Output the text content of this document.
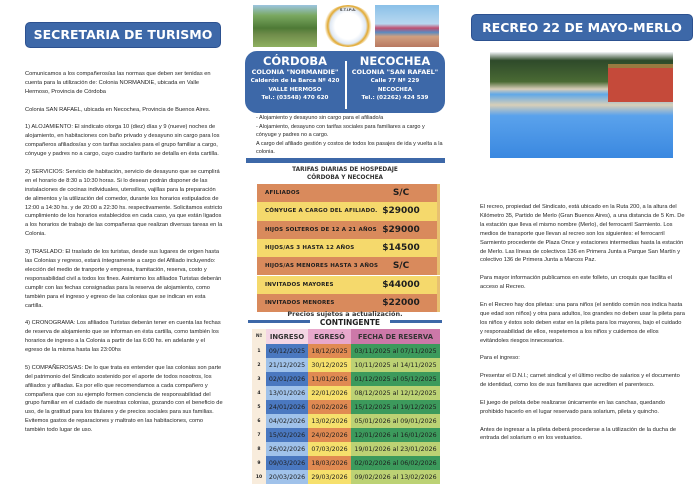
SECRETARIA DE TURISMO

Comunicamos a los compañeros/as las normas que deben ser tenidas en cuenta para la utilización de: Colonia NORMANDIE, ubicada en Valle Hermoso, Provincia de Córdoba

Colonia SAN RAFAEL, ubicada en Necochea, Provincia de Buenos Aires.

1) ALOJAMIENTO: El sindicato otorga 10 (diez) días y 9 (nueve) noches de alojamiento, en habitaciones con baño privado y desayuno sin cargo para los compañeros afiliados/as y con tarifas sociales para el grupo familiar a cargo, cónyuge y padres no a cargo, cuyo cuadro tarifario se detalla en ésta cartilla.

2) SERVICIOS: Servicio de habitación, servicio de desayuno que se cumplirá en el horario de 8:30 a 10:30 horas. Si lo desean podrán disponer de las instalaciones de cocinas individuales, utensilios, vajillas para la preparación de alimentos y la utilización del comedor, durante los horarios estipulados de 12:00 a 14:30 hs. y de 20:00 a 22:30 hs. respectivamente. Solicitamos estricto cumplimiento de los horarios establecidos en cada caso, ya que están ligados a los horarios de trabajo de las compañeras que realizan diversas tareas en la Colonia.

3) TRASLADO: El traslado de los turistas, desde sus lugares de origen hasta las Colonias y regreso, estará íntegramente a cargo del Afiliado incluyendo: elección del medio de tranporte y empresa, tramitación, reserva, costo y responsabilidad civil a todos los fines. Asimismo los afiliados Turistas deberán cumplir con las fechas consignadas para la reserva de alojamiento, como también para el ingreso y egreso de las colonias que se indican en esta cartilla.

4) CRONOGRAMA: Los afiliados Turistas deberán tener en cuenta las fechas de reserva de alojamiento que se informan en ésta cartilla, como también los horarios de ingreso a la Colonia a partir de las 6:00 hs. en adelante y el egreso de la misma hasta las 23:00hs

5) COMPAÑEROS/AS: De lo que trata es entender que las colonias son parte del patrimonio del Sindicato sostenido por el aporte de todos nosotros, los afiliados y afiliadas. Es por ello que recomendamos a cada compañero y compañera que con su ejemplo formen conciencia de responsabilidad del grupo familiar en el cuidado de nuestras colonias, gozando con el beneficio de uso, de la gratitud para los titulares y de precios sociales para sus familias. Evitemos gastos de reparaciones y maltrato en las habitaciones, como también todo lugar de uso.

S.T.I.P.A.
CÓRDOBA
COLONIA "NORMANDIE"
Calderón de la Barca Nº 420
VALLE HERMOSO
Tel.: (03548) 470 620
NECOCHEA
COLONIA "SAN RAFAEL"
Calle 77 Nº 229
NECOCHEA
Tel.: (02262) 424 539
- Alojamiento y desayuno sin cargo para el afiliado/a
- Alojamiento, desayuno con tarifas sociales para familiares a cargo y cónyuge y padres no a cargo.
A cargo del afiliado gestión y costos de todos los pasajes de ida y vuelta a la colonia.
TARIFAS DIARIAS DE HOSPEDAJE
CÓRDOBA Y NECOCHEA
AFILIADOS	S/C
CÓNYUGE A CARGO DEL AFILIADO. $29000
HIJOS SOLTEROS DE 12 A 21 AÑOS $29000
HIJOS/AS 3 HASTA 12 AÑOS	$14500
HIJOS/AS MENORES HASTA 3 AÑOS	S/C
INVITADOS MAYORES	$44000
INVITADOS MENORES	$22000
Precios sujetos a actualización.
CONTINGENTE
Nº	INGRESO	EGRESÓ	FECHA DE RESERVA
1	09/12/2025	18/12/2025	03/11/2025 al 07/11/2025
2	21/12/2025	30/12/2025	10/11/2025 al 14/11/2025
3	02/01/2026	11/01/2026	01/12/2025 al 05/12/2025
4	13/01/2026	22/01/2026	08/12/2025 al 12/12/2025
5	24/01/2026	02/02/2026	15/12/2025 al 19/12/2025
6	04/02/2026	13/02/2026	05/01/2026 al 09/01/2026
7	15/02/2026	24/02/2026	12/01/2026 al 16/01/2026
8	26/02/2026	07/03/2026	19/01/2026 al 23/01/2026
9	09/03/2026	18/03/2026	02/02/2026 al 06/02/2026
10	20/03/2026	29/03/2026	09/02/2026 al 13/02/2026
RECREO 22 DE MAYO-MERLO

El recreo, propiedad del Sindicato, está ubicado en la Ruta 200, a la altura del Kilómetro 35, Partido de Merlo (Gran Buenos Aires), a una distancia de 5 Km. De la estación que lleva el mismo nombre (Merlo), del ferrocarril Sarmiento. Los medios de transporte que llevan al recreo son los siguientes: el ferrocarril Sarmiento procedente de Plaza Once y estaciones intermedias hasta la estación de Merlo. Las líneas de colectivos 136 en Primera Junta a Parque San Martín y colectivo 136 de Primera Junta a Marcos Paz.

Para mayor información publicamos en este folleto, un croquis que facilita el acceso al Recreo.

En el Recreo hay dos piletas: una para niños (el sentido común nos indica hasta que edad son niños) y otra para adultos, los grandes no deben usar la pileta para los niños y éstos solo deben estar en la pileta para los mayores, bajo el cuidado y responsabilidad de ellos, respetemos a los niños y cuidemos de ellos evitándoles riesgos innecesarios.

Para el ingreso:

Presentar el D.N.I.; carnet sindical y el último recibo de salarios y el documento de identidad, como los de sus familiares que acrediten el parentesco.

El juego de pelota debe realizarse únicamente en las canchas, quedando prohibido hacerlo en el lugar reservado para solarium, pileta y quincho.

Antes de ingresar a la pileta deberá procederse a la utilización de la ducha de entrada del solarium o en los vestuarios.
